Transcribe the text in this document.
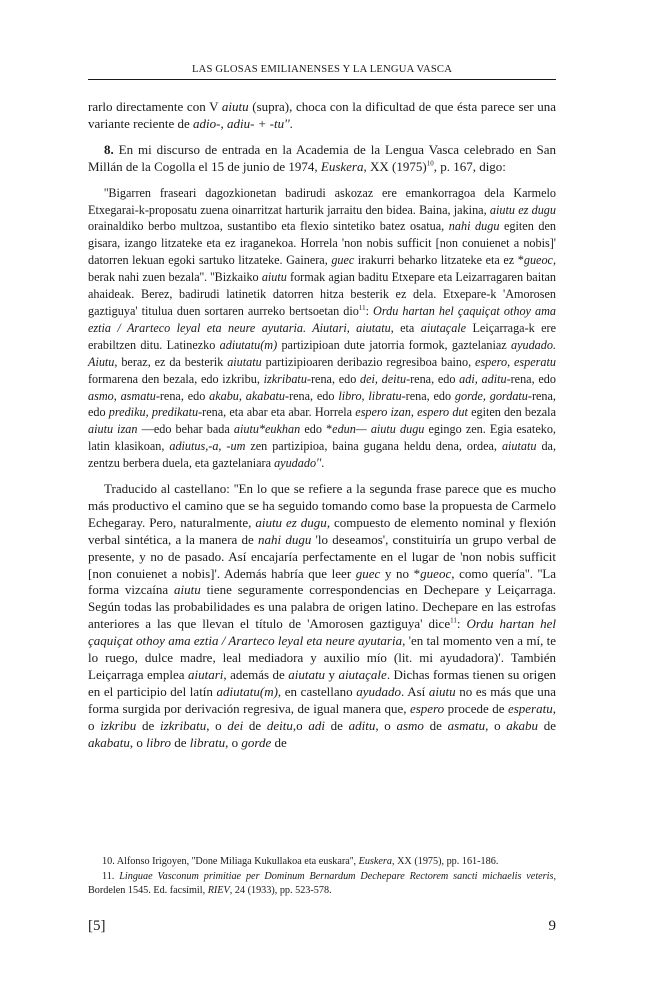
LAS GLOSAS EMILIANENSES Y LA LENGUA VASCA

rarlo directamente con V aiutu (supra), choca con la dificultad de que ésta parece ser una variante reciente de adio-, adiu- + -tu''.

8. En mi discurso de entrada en la Academia de la Lengua Vasca celebrado en San Millán de la Cogolla el 15 de junio de 1974, Euskera, XX $(1975)^{10}$, p. 167, digo:

''Bigarren fraseari dagozkionetan badirudi askozaz ere emankorragoa dela Karmelo Etxegarai-k-proposatu zuena oinarritzat harturik jarraitu den bidea. Baina, jakina, aiutu ez dugu orainaldiko berbo multzoa, sustantibo eta flexio sintetiko batez osatua, nahi dugu egiten den gisara, izango litzateke eta ez iraganekoa. Horrela 'non nobis sufficit [non conuienet a nobis]' datorren lekuan egoki sartuko litzateke. Gainera, guec irakurri beharko litzateke eta ez *gueoc, berak nahi zuen bezala''. ''Bizkaiko aiutu formak agian baditu Etxepare eta Leizarragaren baitan ahaideak. Berez, badirudi latinetik datorren hitza besterik ez dela. Etxepare-k 'Amorosen gaztiguya' titulua duen sortaren aurreko bertsoetan dio$^{11}$: Ordu hartan hel çaquiçat othoy ama eztia / Ararteco leyal eta neure ayutaria. Aiutari, aiutatu, eta aiutaçale Leiçarraga-k ere erabiltzen ditu. Latinezko adiutatu(m) partizipioan dute jatorria formok, gaztelaniaz ayudado. Aiutu, beraz, ez da besterik aiutatu partizipioaren deribazio regresiboa baino, espero, esperatu formarena den bezala, edo izkribu, izkribatu-rena, edo dei, deitu-rena, edo adi, aditu-rena, edo asmo, asmatu-rena, edo akabu, akabatu-rena, edo libro, libratu-rena, edo gorde, gordatu-rena, edo prediku, predikatu-rena, eta abar eta abar. Horrela espero izan, espero dut egiten den bezala aiutu izan —edo behar bada aiutu*eukhan edo *edun— aiutu dugu egingo zen. Egia esateko, latin klasikoan, adiutus,-a, -um zen partizipioa, baina gugana heldu dena, ordea, aiutatu da, zentzu berbera duela, eta gaztelaniara ayudado''.

Traducido al castellano: ''En lo que se refiere a la segunda frase parece que es mucho más productivo el camino que se ha seguido tomando como base la propuesta de Carmelo Echegaray. Pero, naturalmente, aiutu ez dugu, compuesto de elemento nominal y flexión verbal sintética, a la manera de nahi dugu 'lo deseamos', constituiría un grupo verbal de presente, y no de pasado. Así encajaría perfectamente en el lugar de 'non nobis sufficit [non conuienet a nobis]'. Además habría que leer guec y no *gueoc, como quería''. ''La forma vizcaína aiutu tiene seguramente correspondencias en Dechepare y Leiçarraga. Según todas las probabilidades es una palabra de origen latino. Dechepare en las estrofas anteriores a las que llevan el título de 'Amorosen gaztiguya' dice$^{11}$: Ordu hartan hel çaquiçat othoy ama eztia / Ararteco leyal eta neure ayutaria, 'en tal momento ven a mí, te lo ruego, dulce madre, leal mediadora y auxilio mío (lit. mi ayudadora)'. También Leiçarraga emplea aiutari, además de aiutatu y aiutaçale. Dichas formas tienen su origen en el participio del latín adiutatu(m), en castellano ayudado. Así aiutu no es más que una forma surgida por derivación regresiva, de igual manera que, espero procede de esperatu, o izkribu de izkribatu, o dei de deitu,o adi de aditu, o asmo de asmatu, o akabu de akabatu, o libro de libratu, o gorde de

10. Alfonso Irigoyen, ''Done Miliaga Kukullakoa eta euskara'', Euskera, XX (1975), pp. 161-186.

11. Linguae Vasconum primitiae per Dominum Bernardum Dechepare Rectorem sancti michaelis veteris, Bordelen 1545. Ed. facsímil, RIEV, 24 (1933), pp. 523-578.

[5]	9
